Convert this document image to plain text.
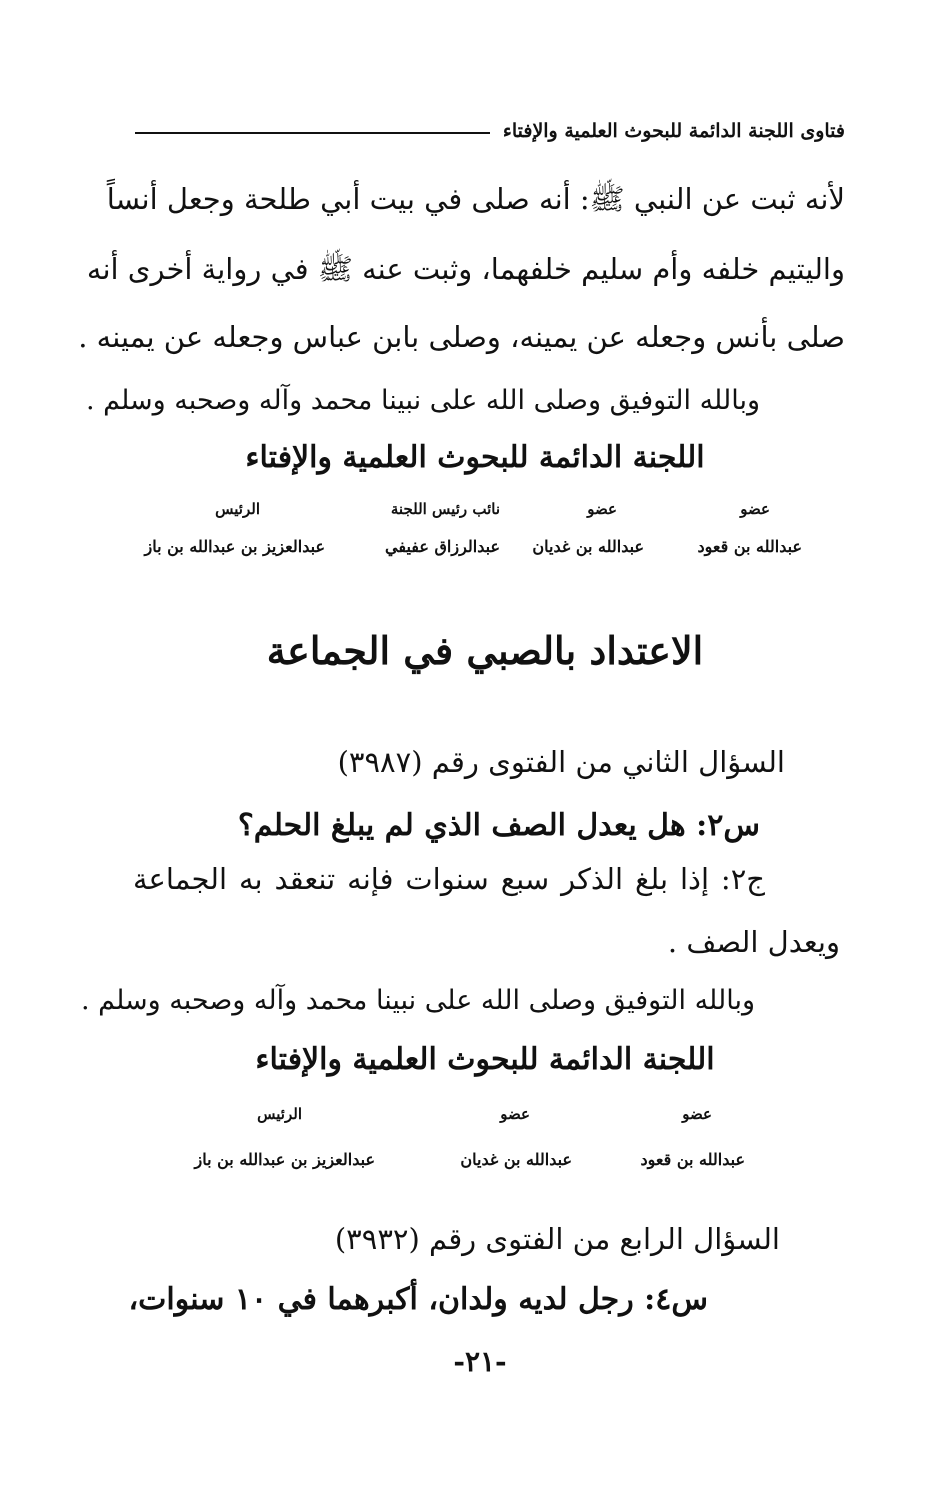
فتاوى اللجنة الدائمة للبحوث العلمية والإفتاء
لأنه ثبت عن النبي ﷺ: أنه صلى في بيت أبي طلحة وجعل أنساً
واليتيم خلفه وأم سليم خلفهما، وثبت عنه ﷺ في رواية أخرى أنه
صلى بأنس وجعله عن يمينه، وصلى بابن عباس وجعله عن يمينه .
وبالله التوفيق وصلى الله على نبينا محمد وآله وصحبه وسلم .
اللجنة الدائمة للبحوث العلمية والإفتاء
عضو
عبدالله بن قعود
عضو
عبدالله بن غديان
نائب رئيس اللجنة
عبدالرزاق عفيفي
الرئيس
عبدالعزيز بن عبدالله بن باز
الاعتداد بالصبي في الجماعة
السؤال الثاني من الفتوى رقم (٣٩٨٧)
س٢: هل يعدل الصف الذي لم يبلغ الحلم؟
ج٢: إذا بلغ الذكر سبع سنوات فإنه تنعقد به الجماعة
ويعدل الصف .
وبالله التوفيق وصلى الله على نبينا محمد وآله وصحبه وسلم .
اللجنة الدائمة للبحوث العلمية والإفتاء
عضو
عبدالله بن قعود
عضو
عبدالله بن غديان
الرئيس
عبدالعزيز بن عبدالله بن باز
السؤال الرابع من الفتوى رقم (٣٩٣٢)
س٤: رجل لديه ولدان، أكبرهما في ١٠ سنوات،
-٢١-
